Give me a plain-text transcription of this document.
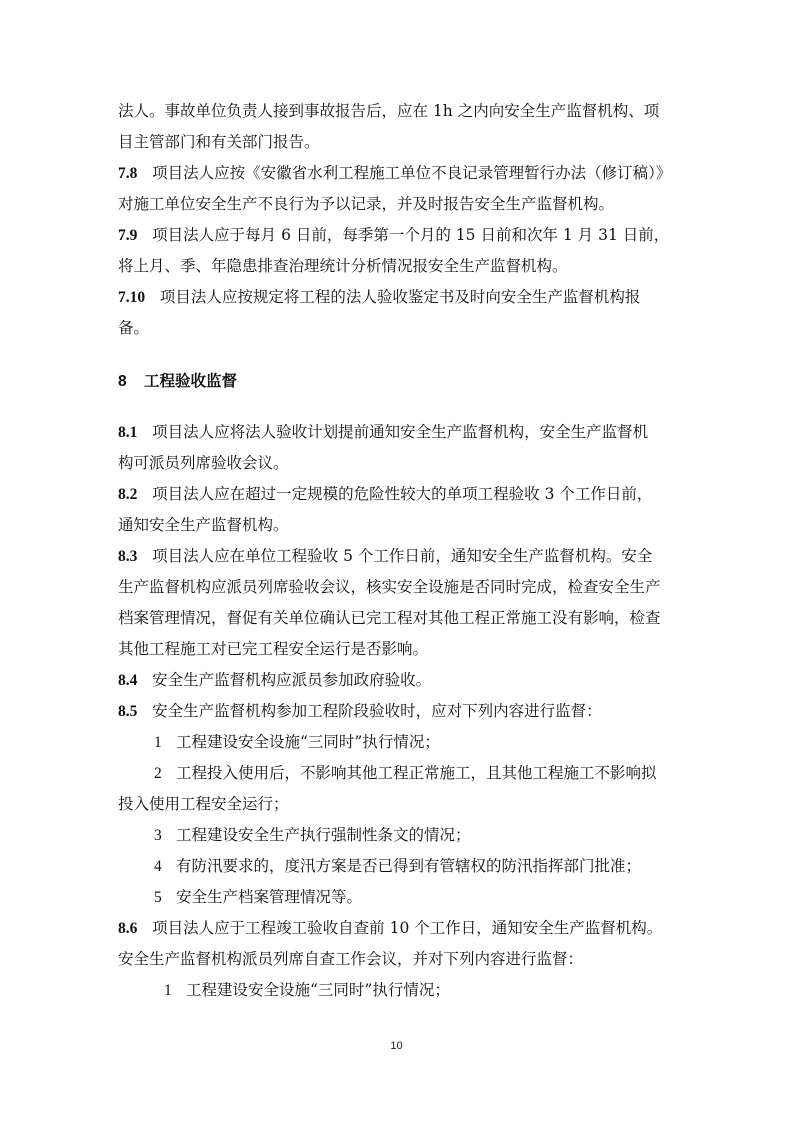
法人。事故单位负责人接到事故报告后，应在 1h 之内向安全生产监督机构、项
目主管部门和有关部门报告。
7.8 项目法人应按《安徽省水利工程施工单位不良记录管理暂行办法（修订稿）》
对施工单位安全生产不良行为予以记录，并及时报告安全生产监督机构。
7.9 项目法人应于每月 6 日前，每季第一个月的 15 日前和次年 1 月 31 日前，
将上月、季、年隐患排查治理统计分析情况报安全生产监督机构。
7.10 项目法人应按规定将工程的法人验收鉴定书及时向安全生产监督机构报
备。
8 工程验收监督
8.1 项目法人应将法人验收计划提前通知安全生产监督机构，安全生产监督机
构可派员列席验收会议。
8.2 项目法人应在超过一定规模的危险性较大的单项工程验收 3 个工作日前，
通知安全生产监督机构。
8.3 项目法人应在单位工程验收 5 个工作日前，通知安全生产监督机构。安全
生产监督机构应派员列席验收会议，核实安全设施是否同时完成，检查安全生产
档案管理情况，督促有关单位确认已完工程对其他工程正常施工没有影响，检查
其他工程施工对已完工程安全运行是否影响。
8.4 安全生产监督机构应派员参加政府验收。
8.5 安全生产监督机构参加工程阶段验收时，应对下列内容进行监督：
1 工程建设安全设施“三同时”执行情况；
2 工程投入使用后，不影响其他工程正常施工，且其他工程施工不影响拟
投入使用工程安全运行；
3 工程建设安全生产执行强制性条文的情况；
4 有防汛要求的，度汛方案是否已得到有管辖权的防汛指挥部门批准；
5 安全生产档案管理情况等。
8.6 项目法人应于工程竣工验收自查前 10 个工作日，通知安全生产监督机构。
安全生产监督机构派员列席自查工作会议，并对下列内容进行监督：
1 工程建设安全设施“三同时”执行情况；
10
